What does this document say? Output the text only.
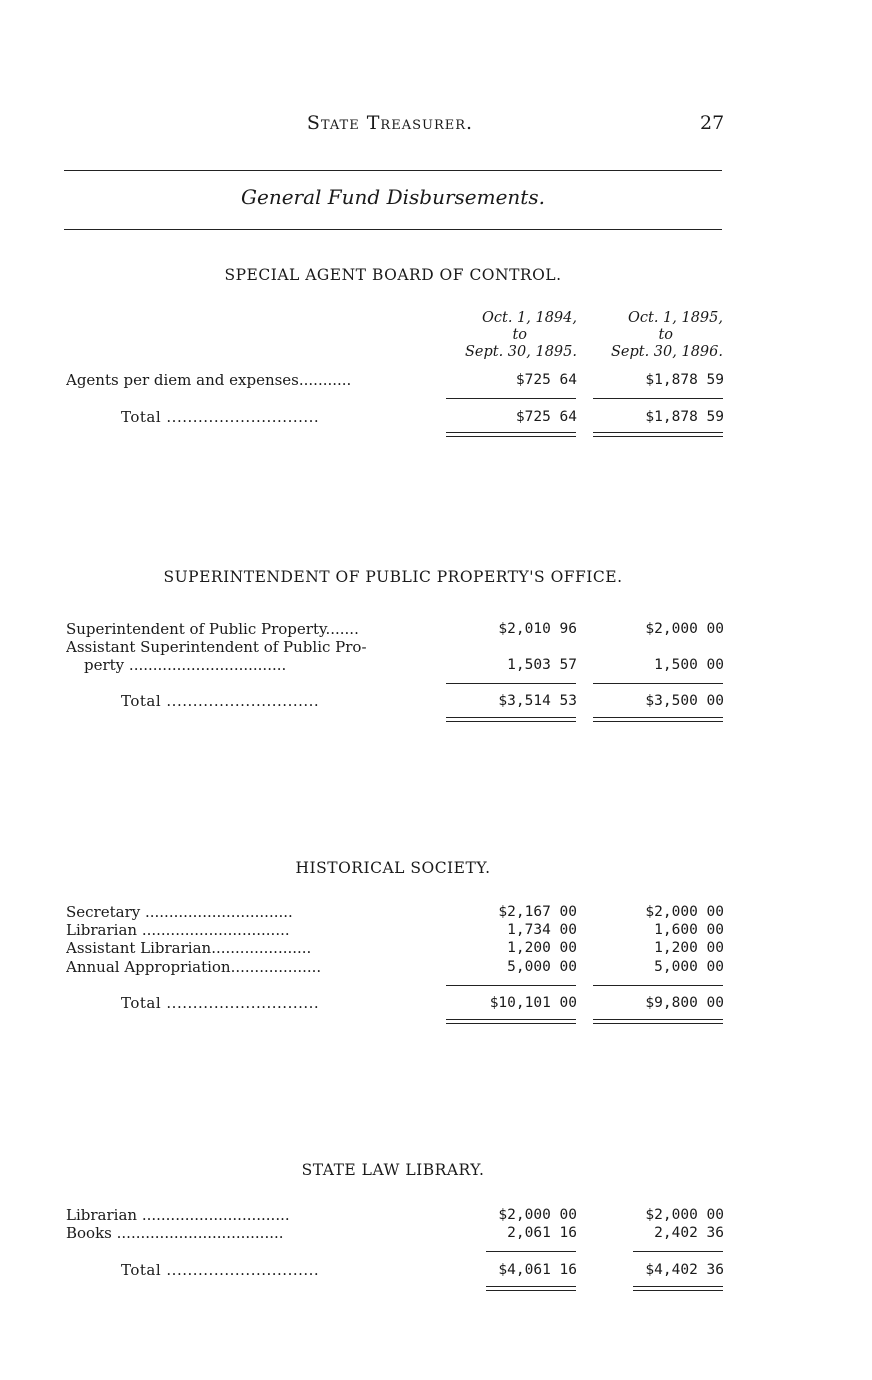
State Treasurer.	27
General Fund Disbursements.
SPECIAL AGENT BOARD OF CONTROL.
Oct. 1, 1894,
to
Sept. 30, 1895.
Oct. 1, 1895,
to
Sept. 30, 1896.
Agents per diem and expenses...........	$725 64	$1,878 59
Total .............................	$725 64	$1,878 59
SUPERINTENDENT OF PUBLIC PROPERTY'S OFFICE.
Superintendent of Public Property.......	$2,010 96	$2,000 00
Assistant Superintendent of Public Pro-
perty .................................	1,503 57	1,500 00
Total .............................	$3,514 53	$3,500 00
HISTORICAL SOCIETY.
Secretary ...............................	$2,167 00	$2,000 00
Librarian ...............................	1,734 00	1,600 00
Assistant Librarian.....................	1,200 00	1,200 00
Annual Appropriation...................	5,000 00	5,000 00
Total .............................	$10,101 00	$9,800 00
STATE LAW LIBRARY.
Librarian ...............................	$2,000 00	$2,000 00
Books ...................................	2,061 16	2,402 36
Total .............................	$4,061 16	$4,402 36
